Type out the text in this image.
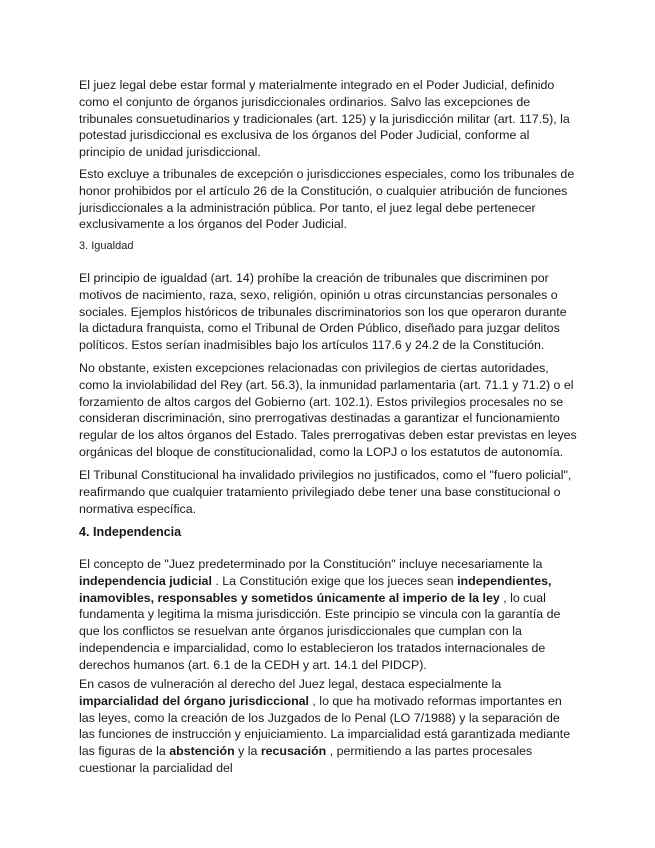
El juez legal debe estar formal y materialmente integrado en el Poder Judicial, definido como el conjunto de órganos jurisdiccionales ordinarios. Salvo las excepciones de tribunales consuetudinarios y tradicionales (art. 125) y la jurisdicción militar (art. 117.5), la potestad jurisdiccional es exclusiva de los órganos del Poder Judicial, conforme al principio de unidad jurisdiccional.

Esto excluye a tribunales de excepción o jurisdicciones especiales, como los tribunales de honor prohibidos por el artículo 26 de la Constitución, o cualquier atribución de funciones jurisdiccionales a la administración pública. Por tanto, el juez legal debe pertenecer exclusivamente a los órganos del Poder Judicial.

3. Igualdad

El principio de igualdad (art. 14) prohíbe la creación de tribunales que discriminen por motivos de nacimiento, raza, sexo, religión, opinión u otras circunstancias personales o sociales. Ejemplos históricos de tribunales discriminatorios son los que operaron durante la dictadura franquista, como el Tribunal de Orden Público, diseñado para juzgar delitos políticos. Estos serían inadmisibles bajo los artículos 117.6 y 24.2 de la Constitución.

No obstante, existen excepciones relacionadas con privilegios de ciertas autoridades, como la inviolabilidad del Rey (art. 56.3), la inmunidad parlamentaria (art. 71.1 y 71.2) o el forzamiento de altos cargos del Gobierno (art. 102.1). Estos privilegios procesales no se consideran discriminación, sino prerrogativas destinadas a garantizar el funcionamiento regular de los altos órganos del Estado. Tales prerrogativas deben estar previstas en leyes orgánicas del bloque de constitucionalidad, como la LOPJ o los estatutos de autonomía.

El Tribunal Constitucional ha invalidado privilegios no justificados, como el "fuero policial", reafirmando que cualquier tratamiento privilegiado debe tener una base constitucional o normativa específica.

4. Independencia

El concepto de "Juez predeterminado por la Constitución" incluye necesariamente la independencia judicial . La Constitución exige que los jueces sean independientes, inamovibles, responsables y sometidos únicamente al imperio de la ley , lo cual fundamenta y legitima la misma jurisdicción. Este principio se vincula con la garantía de que los conflictos se resuelvan ante órganos jurisdiccionales que cumplan con la independencia e imparcialidad, como lo establecieron los tratados internacionales de derechos humanos (art. 6.1 de la CEDH y art. 14.1 del PIDCP).

En casos de vulneración al derecho del Juez legal, destaca especialmente la imparcialidad del órgano jurisdiccional , lo que ha motivado reformas importantes en las leyes, como la creación de los Juzgados de lo Penal (LO 7/1988) y la separación de las funciones de instrucción y enjuiciamiento. La imparcialidad está garantizada mediante las figuras de la abstención y la recusación , permitiendo a las partes procesales cuestionar la parcialidad del
